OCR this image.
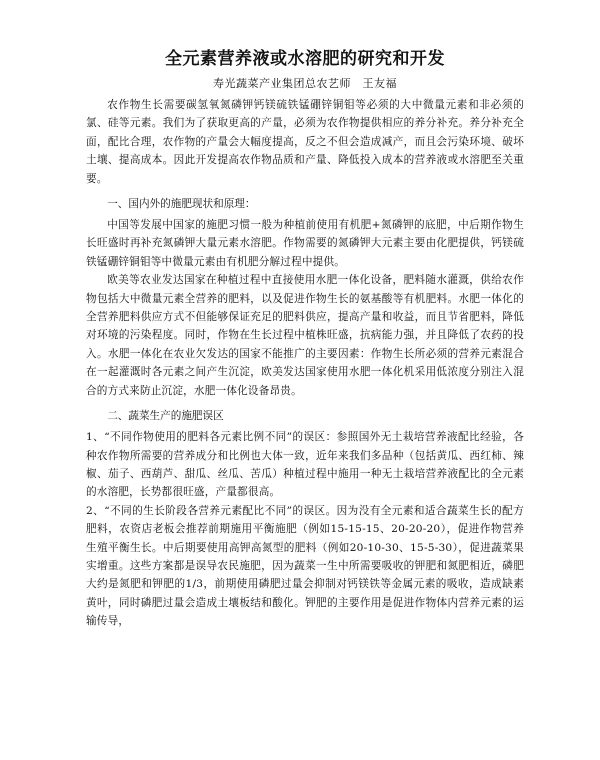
全元素营养液或水溶肥的研究和开发

寿光蔬菜产业集团总农艺师　王友福

农作物生长需要碳氢氧氮磷钾钙镁硫铁锰硼锌铜钼等必须的大中微量元素和非必须的氯、硅等元素。我们为了获取更高的产量，必须为农作物提供相应的养分补充。养分补充全面，配比合理，农作物的产量会大幅度提高，反之不但会造成减产，而且会污染环境、破坏土壤、提高成本。因此开发提高农作物品质和产量、降低投入成本的营养液或水溶肥至关重要。

一、国内外的施肥现状和原理：

中国等发展中国家的施肥习惯一般为种植前使用有机肥+氮磷钾的底肥，中后期作物生长旺盛时再补充氮磷钾大量元素水溶肥。作物需要的氮磷钾大元素主要由化肥提供，钙镁硫铁锰硼锌铜钼等中微量元素由有机肥分解过程中提供。

欧美等农业发达国家在种植过程中直接使用水肥一体化设备，肥料随水灌溉，供给农作物包括大中微量元素全营养的肥料，以及促进作物生长的氨基酸等有机肥料。水肥一体化的全营养肥料供应方式不但能够保证充足的肥料供应，提高产量和收益，而且节省肥料，降低对环境的污染程度。同时，作物在生长过程中植株旺盛，抗病能力强，并且降低了农药的投入。水肥一体化在农业欠发达的国家不能推广的主要因素：作物生长所必须的营养元素混合在一起灌溉时各元素之间产生沉淀，欧美发达国家使用水肥一体化机采用低浓度分别注入混合的方式来防止沉淀，水肥一体化设备昂贵。

二、蔬菜生产的施肥误区

1、“不同作物使用的肥料各元素比例不同”的误区：参照国外无土栽培营养液配比经验，各种农作物所需要的营养成分和比例也大体一致，近年来我们多品种（包括黄瓜、西红柿、辣椒、茄子、西葫芦、甜瓜、丝瓜、苦瓜）种植过程中施用一种无土栽培营养液配比的全元素的水溶肥，长势都很旺盛，产量都很高。

2、“不同的生长阶段各营养元素配比不同”的误区。因为没有全元素和适合蔬菜生长的配方肥料，农资店老板会推荐前期施用平衡施肥（例如15-15-15、20-20-20），促进作物营养生殖平衡生长。中后期要使用高钾高氮型的肥料（例如20-10-30、15-5-30），促进蔬菜果实增重。这些方案都是误导农民施肥，因为蔬菜一生中所需要吸收的钾肥和氮肥相近，磷肥大约是氮肥和钾肥的1/3，前期使用磷肥过量会抑制对钙镁铁等金属元素的吸收，造成缺素黄叶，同时磷肥过量会造成土壤板结和酸化。钾肥的主要作用是促进作物体内营养元素的运输传导，
